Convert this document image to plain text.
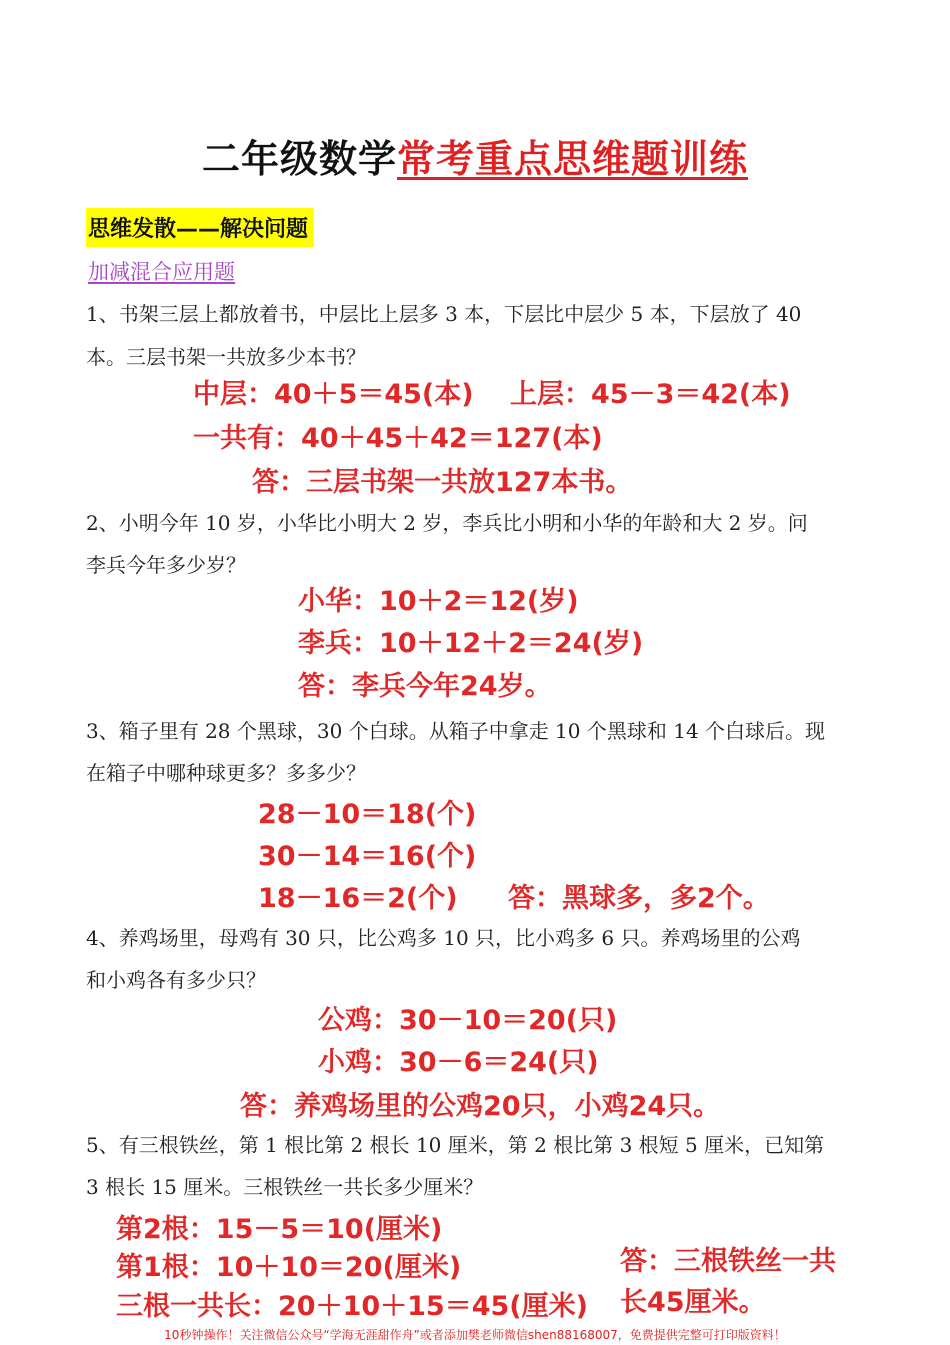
二年级数学常考重点思维题训练
思维发散——解决问题
加减混合应用题
1、书架三层上都放着书，中层比上层多 3 本，下层比中层少 5 本，下层放了 40
本。三层书架一共放多少本书？
中层：40＋5＝45(本) 上层：45－3＝42(本)
一共有：40＋45＋42＝127(本)
答：三层书架一共放127本书。
2、小明今年 10 岁，小华比小明大 2 岁，李兵比小明和小华的年龄和大 2 岁。问
李兵今年多少岁？
小华：10＋2＝12(岁)
李兵：10＋12＋2＝24(岁)
答：李兵今年24岁。
3、箱子里有 28 个黑球，30 个白球。从箱子中拿走 10 个黑球和 14 个白球后。现
在箱子中哪种球更多？多多少？
28－10＝18(个)
30－14＝16(个)
18－16＝2(个) 答：黑球多，多2个。
4、养鸡场里，母鸡有 30 只，比公鸡多 10 只，比小鸡多 6 只。养鸡场里的公鸡
和小鸡各有多少只？
公鸡：30－10＝20(只)
小鸡：30－6＝24(只)
答：养鸡场里的公鸡20只，小鸡24只。
5、有三根铁丝，第 1 根比第 2 根长 10 厘米，第 2 根比第 3 根短 5 厘米，已知第
3 根长 15 厘米。三根铁丝一共长多少厘米？
第2根：15－5＝10(厘米)
第1根：10＋10＝20(厘米)
三根一共长：20＋10＋15＝45(厘米)
答：三根铁丝一共
长45厘米。
10秒钟操作！关注微信公众号“学海无涯甜作舟”或者添加樊老师微信shen88168007，免费提供完整可打印版资料！
